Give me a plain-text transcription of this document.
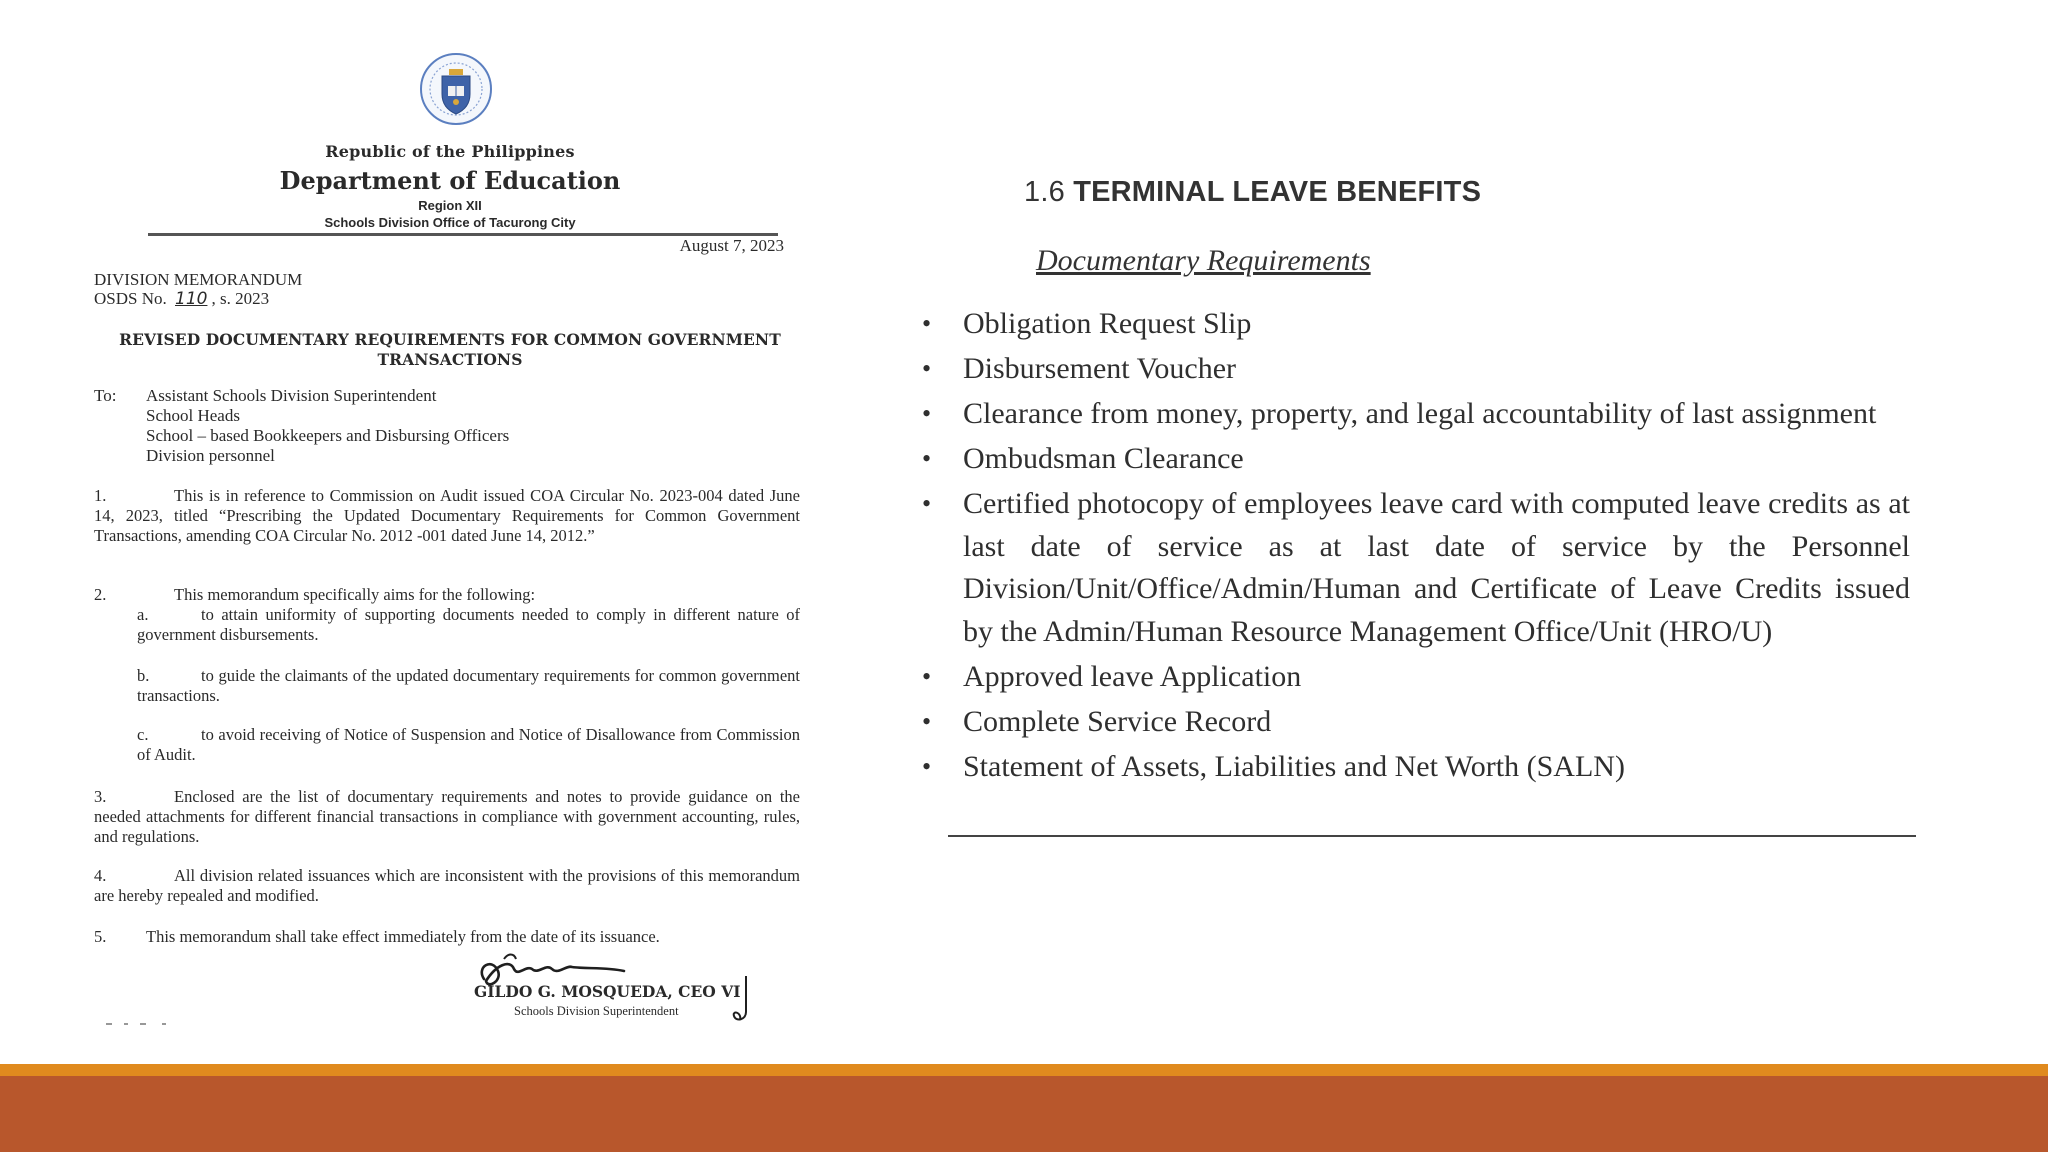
Republic of the Philippines
Department of Education
Region XII
Schools Division Office of Tacurong City
August 7, 2023
DIVISION MEMORANDUM
OSDS No. 110 , s. 2023
REVISED DOCUMENTARY REQUIREMENTS FOR COMMON GOVERNMENT TRANSACTIONS
To: Assistant Schools Division Superintendent
School Heads
School – based Bookkeepers and Disbursing Officers
Division personnel
1.	This is in reference to Commission on Audit issued COA Circular No. 2023-004 dated June 14, 2023, titled “Prescribing the Updated Documentary Requirements for Common Government Transactions, amending COA Circular No. 2012 -001 dated June 14, 2012.”
2.	This memorandum specifically aims for the following:
a.	to attain uniformity of supporting documents needed to comply in different nature of government disbursements.
b.	to guide the claimants of the updated documentary requirements for common government transactions.
c.	to avoid receiving of Notice of Suspension and Notice of Disallowance from Commission of Audit.
3.	Enclosed are the list of documentary requirements and notes to provide guidance on the needed attachments for different financial transactions in compliance with government accounting, rules, and regulations.
4.	All division related issuances which are inconsistent with the provisions of this memorandum are hereby repealed and modified.
5. This memorandum shall take effect immediately from the date of its issuance.
GILDO G. MOSQUEDA, CEO VI
Schools Division Superintendent
1.6 TERMINAL LEAVE BENEFITS
Documentary Requirements
• Obligation Request Slip
• Disbursement Voucher
• Clearance from money, property, and legal accountability of last assignment
• Ombudsman Clearance
• Certified photocopy of employees leave card with computed leave credits as at last date of service as at last date of service by the Personnel Division/Unit/Office/Admin/Human and Certificate of Leave Credits issued by the Admin/Human Resource Management Office/Unit (HRO/U)
• Approved leave Application
• Complete Service Record
• Statement of Assets, Liabilities and Net Worth (SALN)
